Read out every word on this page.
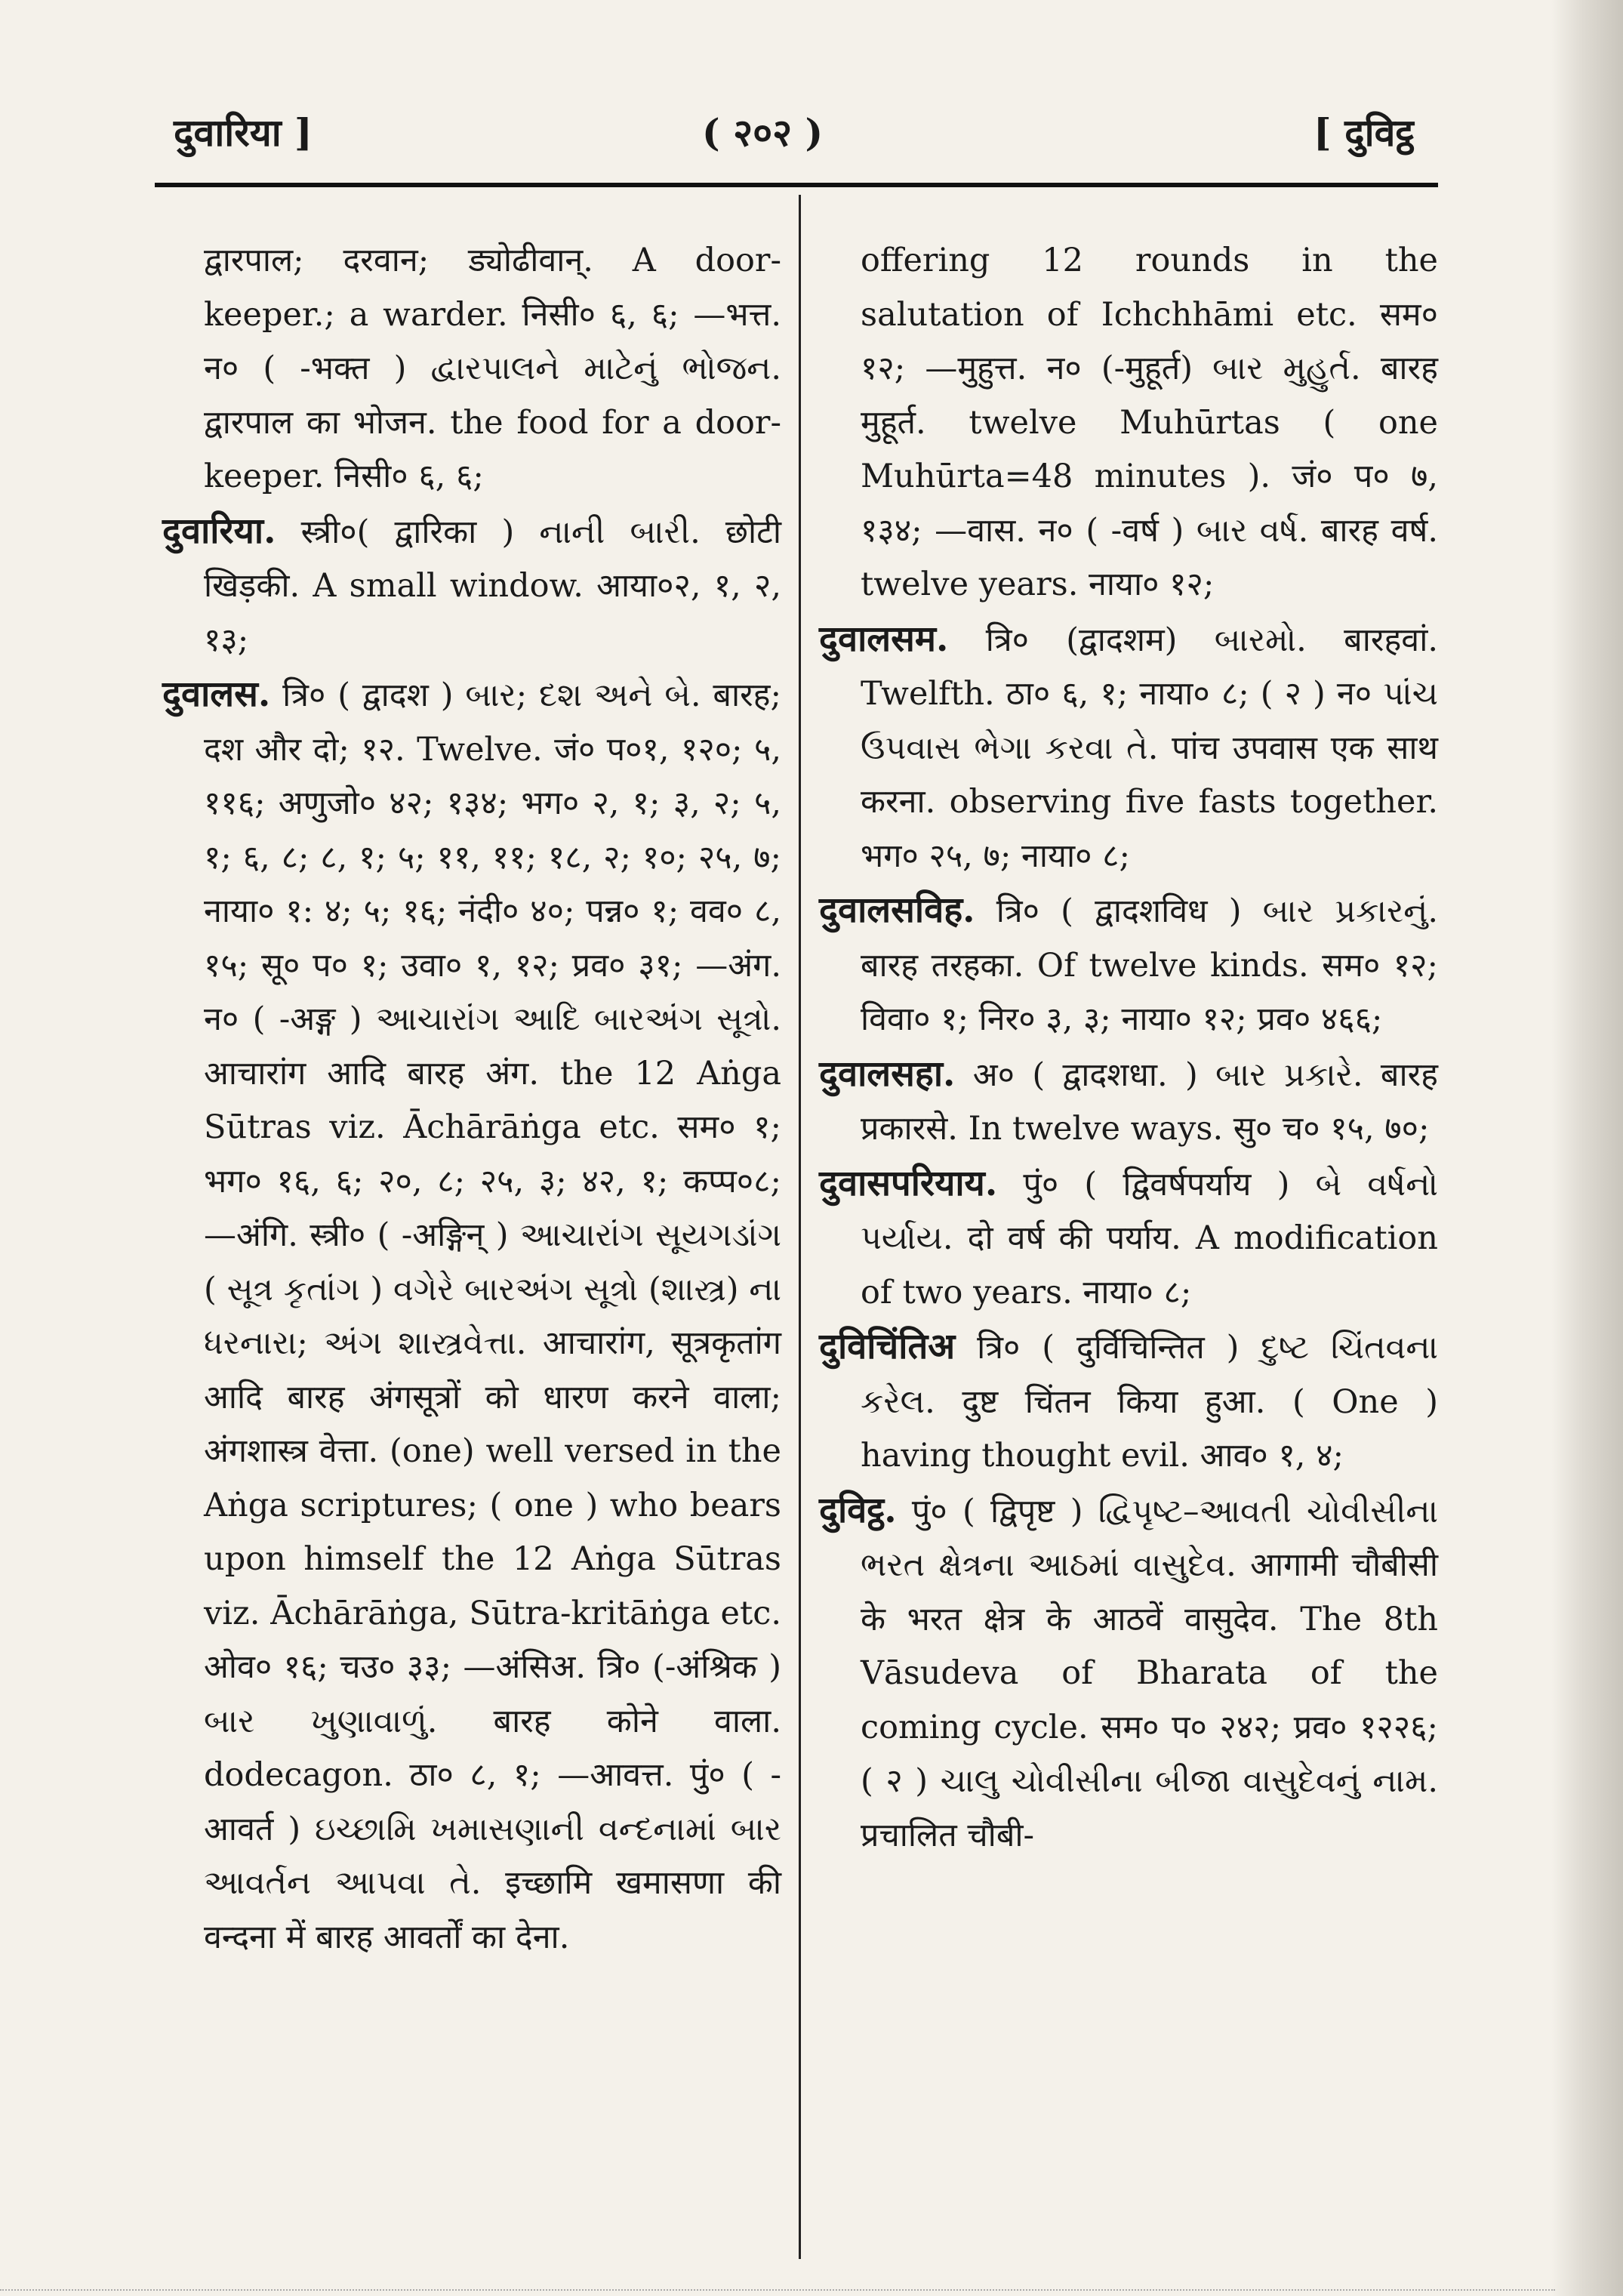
दुवारिया ]	( २०२ )	[ दुविट्ठ

द्वारपाल; दरवान; ड्योढीवान्. A door-keeper.; a warder. निसी० ६, ६; —भत्त. न० ( -भक्त ) દ્વારપાલને માટેનું ભોજન. द्वारपाल का भोजन. the food for a door-keeper. निसी० ६, ६;

दुवारिया. स्त्री०( द्वारिका ) નાની બારી. छोटी खिड़की. A small window. आया०२, १, २, १३;

दुवालस. त्रि० ( द्वादश ) બાર; દશ અને બે. बारह; दश और दो; १२. Twelve. जं० प०१, १२०; ५, ११६; अणुजो० ४२; १३४; भग० २, १; ३, २; ५, १; ६, ८; ८, १; ५; ११, ११; १८, २; १०; २५, ७; नाया० १: ४; ५; १६; नंदी० ४०; पन्न० १; वव० ८, १५; सू० प० १; उवा० १, १२; प्रव० ३१; —अंग. न० ( -अङ्ग ) આચારાંગ આદિ બારઅંગ સૂત્રો. आचारांग आदि बारह अंग. the 12 Aṅga Sūtras viz. Āchārāṅga etc. सम० १; भग० १६, ६; २०, ८; २५, ३; ४२, १; कप्प०८; —अंगि. स्त्री० ( -अङ्गिन् ) આચારાંગ સૂયગડાંગ ( સૂત્ર કૃતાંગ ) વગેરે બારઅંગ સૂત્રો (શાસ્ત્ર) ના ધરનારા; અંગ શાસ્ત્રવેત્તા. आचारांग, सूत्रकृतांग आदि बारह अंगसूत्रों को धारण करने वाला; अंगशास्त्र वेत्ता. (one) well versed in the Aṅga scriptures; ( one ) who bears upon himself the 12 Aṅga Sūtras viz. Āchārāṅga, Sūtra-kritāṅga etc. ओव० १६; चउ० ३३; —अंसिअ. त्रि० (-अंश्रिक ) બાર ખુણાવાળું. बारह कोने वाला. dodecagon. ठा० ८, १; —आवत्त. पुं० ( -आवर्त ) ઇચ્છામિ ખમાસણાની વન્દનામાં બાર આવર્તન આપવા તે. इच्छामि खमासणा की वन्दना में बारह आवर्तों का देना.

offering 12 rounds in the salutation of Ichchhāmi etc. सम० १२; —मुहुत्त. न० (-मुहूर्त) બાર મુહુર્ત. बारह मुहूर्त. twelve Muhūrtas ( one Muhūrta=48 minutes ). जं० प० ७, १३४; —वास. न० ( -वर्ष ) બાર વર્ષ. बारह वर्ष. twelve years. नाया० १२;

दुवालसम. त्रि० (द्वादशम) બારમો. बारहवां. Twelfth. ठा० ६, १; नाया० ८; ( २ ) न० પાંચ ઉપવાસ ભેગા કરવા તે. पांच उपवास एक साथ करना. observing five fasts together. भग० २५, ७; नाया० ८;

दुवालसविह. त्रि० ( द्वादशविध ) બાર પ્રકારનું. बारह तरहका. Of twelve kinds. सम० १२; विवा० १; निर० ३, ३; नाया० १२; प्रव० ४६६;

दुवालसहा. अ० ( द्वादशधा. ) બાર પ્રકારે. बारह प्रकारसे. In twelve ways. सु० च० १५, ७०;

दुवासपरियाय. पुं० ( द्विवर्षपर्याय ) બે વર્ષનો પર્યાય. दो वर्ष की पर्याय. A modification of two years. नाया० ८;

दुविचिंतिअ त्रि० ( दुर्विचिन्तित ) દુષ્ટ ચિંતવના કરેલ. दुष्ट चिंतन किया हुआ. ( One ) having thought evil. आव० १, ४;

दुविट्ठ. पुं० ( द्विपृष्ट ) દ્વિપૃષ્ટ–આવતી ચોવીસીના ભરત ક્ષેત્રના આઠમાં વાસુદેવ. आगामी चौबीसी के भरत क्षेत्र के आठवें वासुदेव. The 8th Vāsudeva of Bharata of the coming cycle. सम० प० २४२; प्रव० १२२६; ( २ ) ચાલુ ચોવીસીના બીજા વાસુદેવનું નામ. प्रचालित चौबी-
